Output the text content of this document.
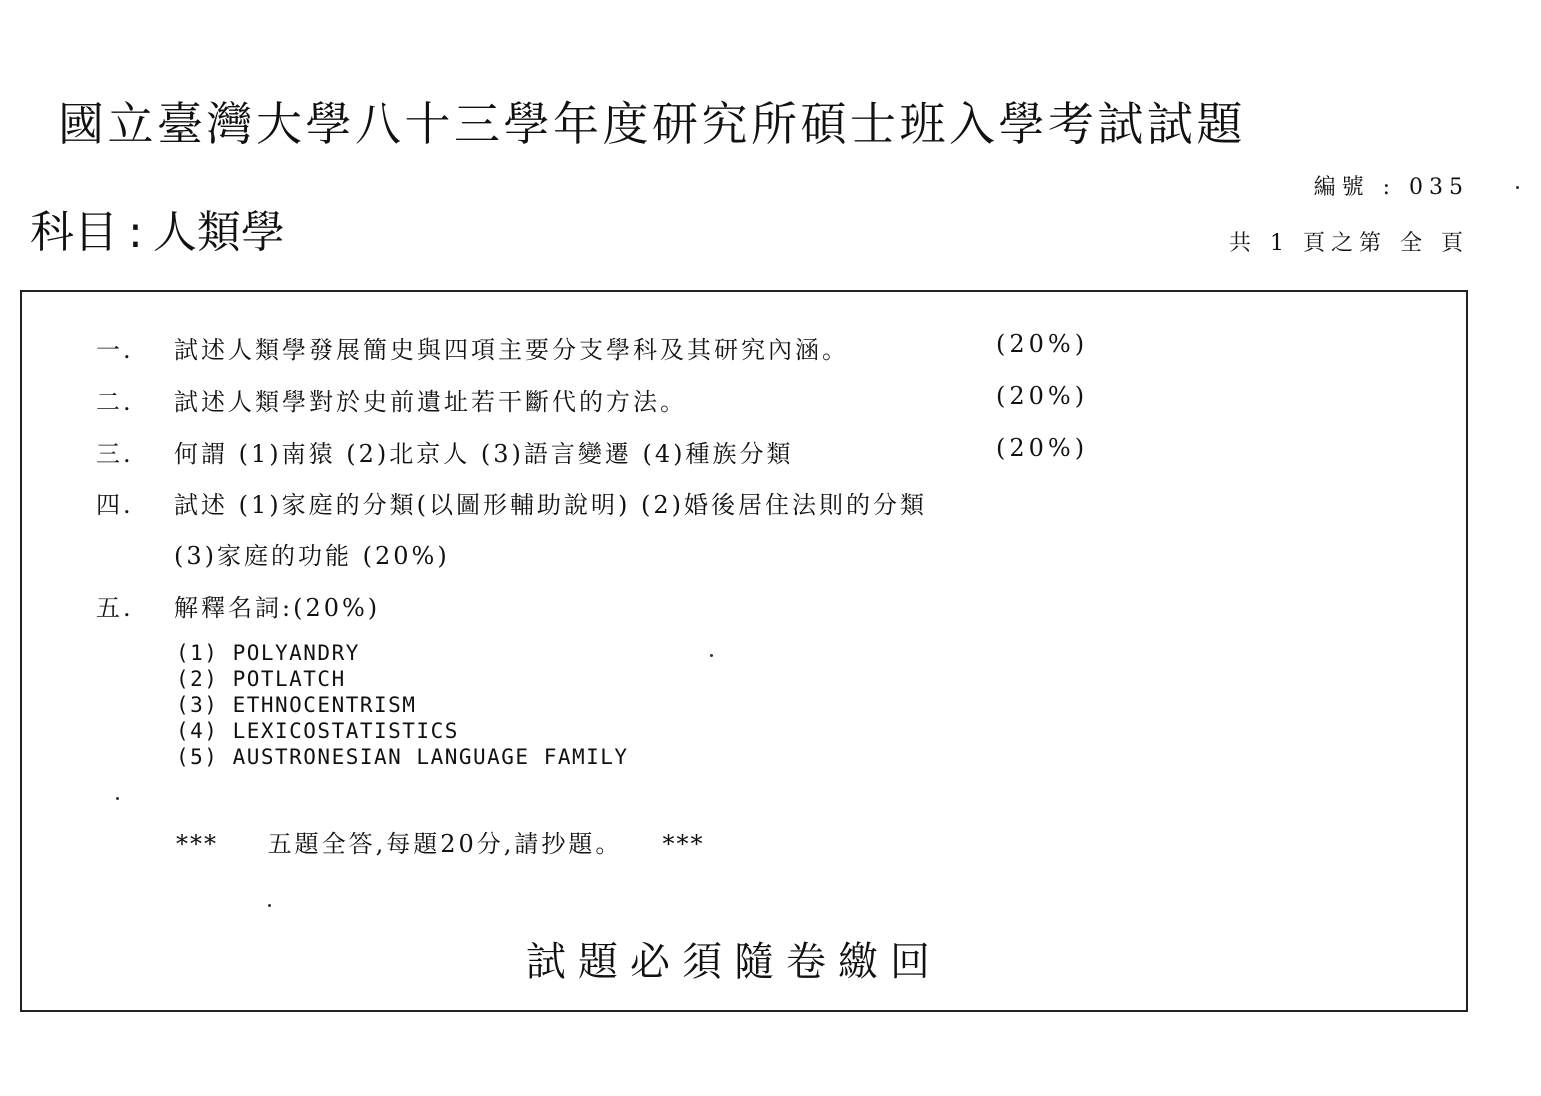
國立臺灣大學八十三學年度研究所碩士班入學考試試題
科目 : 人類學
編號 : 035
共 1 頁之第 全 頁
一. 試述人類學發展簡史與四項主要分支學科及其研究內涵。	(20%)
二. 試述人類學對於史前遺址若干斷代的方法。	(20%)
三. 何謂 (1)南猿 (2)北京人 (3)語言變遷 (4)種族分類	(20%)
四. 試述 (1)家庭的分類(以圖形輔助說明) (2)婚後居住法則的分類
(3)家庭的功能 (20%)
五. 解釋名詞:(20%)
(1) POLYANDRY
(2) POTLATCH
(3) ETHNOCENTRISM
(4) LEXICOSTATISTICS
(5) AUSTRONESIAN LANGUAGE FAMILY
*** 五題全答,每題20分,請抄題。 ***
試題必須隨卷繳回
